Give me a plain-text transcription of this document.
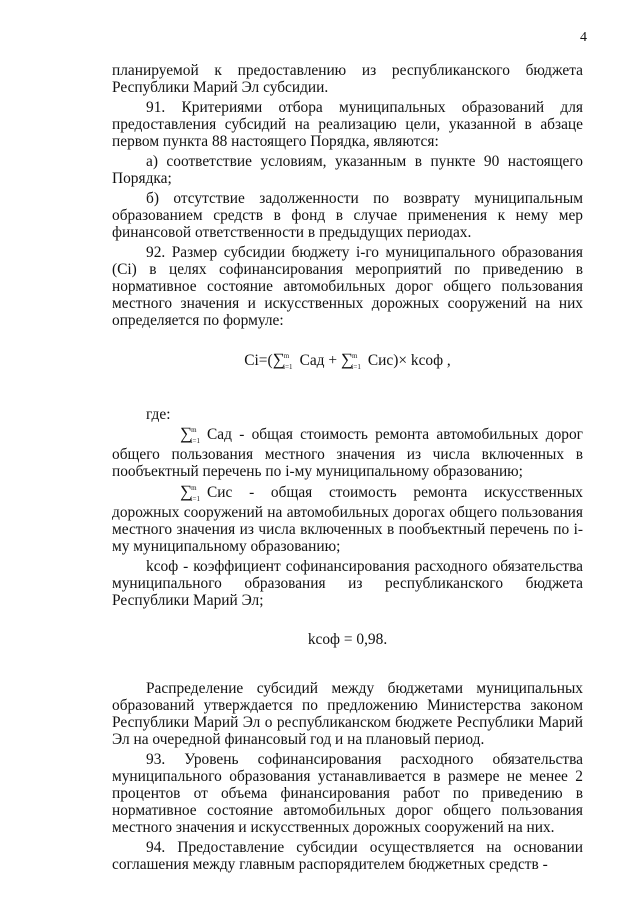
4

планируемой к предоставлению из республиканского бюджета Республики Марий Эл субсидии.

91. Критериями отбора муниципальных образований для предоставления субсидий на реализацию цели, указанной в абзаце первом пункта 88 настоящего Порядка, являются:

а) соответствие условиям, указанным в пункте 90 настоящего Порядка;

б) отсутствие задолженности по возврату муниципальным образованием средств в фонд в случае применения к нему мер финансовой ответственности в предыдущих периодах.

92. Размер субсидии бюджету i-го муниципального образования (Ci) в целях софинансирования мероприятий по приведению в нормативное состояние автомобильных дорог общего пользования местного значения и искусственных дорожных сооружений на них определяется по формуле:

Ci=(∑$^m_{i=1}$ Сад + ∑$^m_{i=1}$ Сис)× kсоф ,

где:

∑$^m_{i=1}$ Сад - общая стоимость ремонта автомобильных дорог общего пользования местного значения из числа включенных в пообъектный перечень по i-му муниципальному образованию;

∑$^m_{i=1}$ Сис - общая стоимость ремонта искусственных дорожных сооружений на автомобильных дорогах общего пользования местного значения из числа включенных в пообъектный перечень по i-му муниципальному образованию;

kсоф - коэффициент софинансирования расходного обязательства муниципального образования из республиканского бюджета Республики Марий Эл;

kсоф = 0,98.

Распределение субсидий между бюджетами муниципальных образований утверждается по предложению Министерства законом Республики Марий Эл о республиканском бюджете Республики Марий Эл на очередной финансовый год и на плановый период.

93. Уровень софинансирования расходного обязательства муниципального образования устанавливается в размере не менее 2 процентов от объема финансирования работ по приведению в нормативное состояние автомобильных дорог общего пользования местного значения и искусственных дорожных сооружений на них.

94. Предоставление субсидии осуществляется на основании соглашения между главным распорядителем бюджетных средств -
